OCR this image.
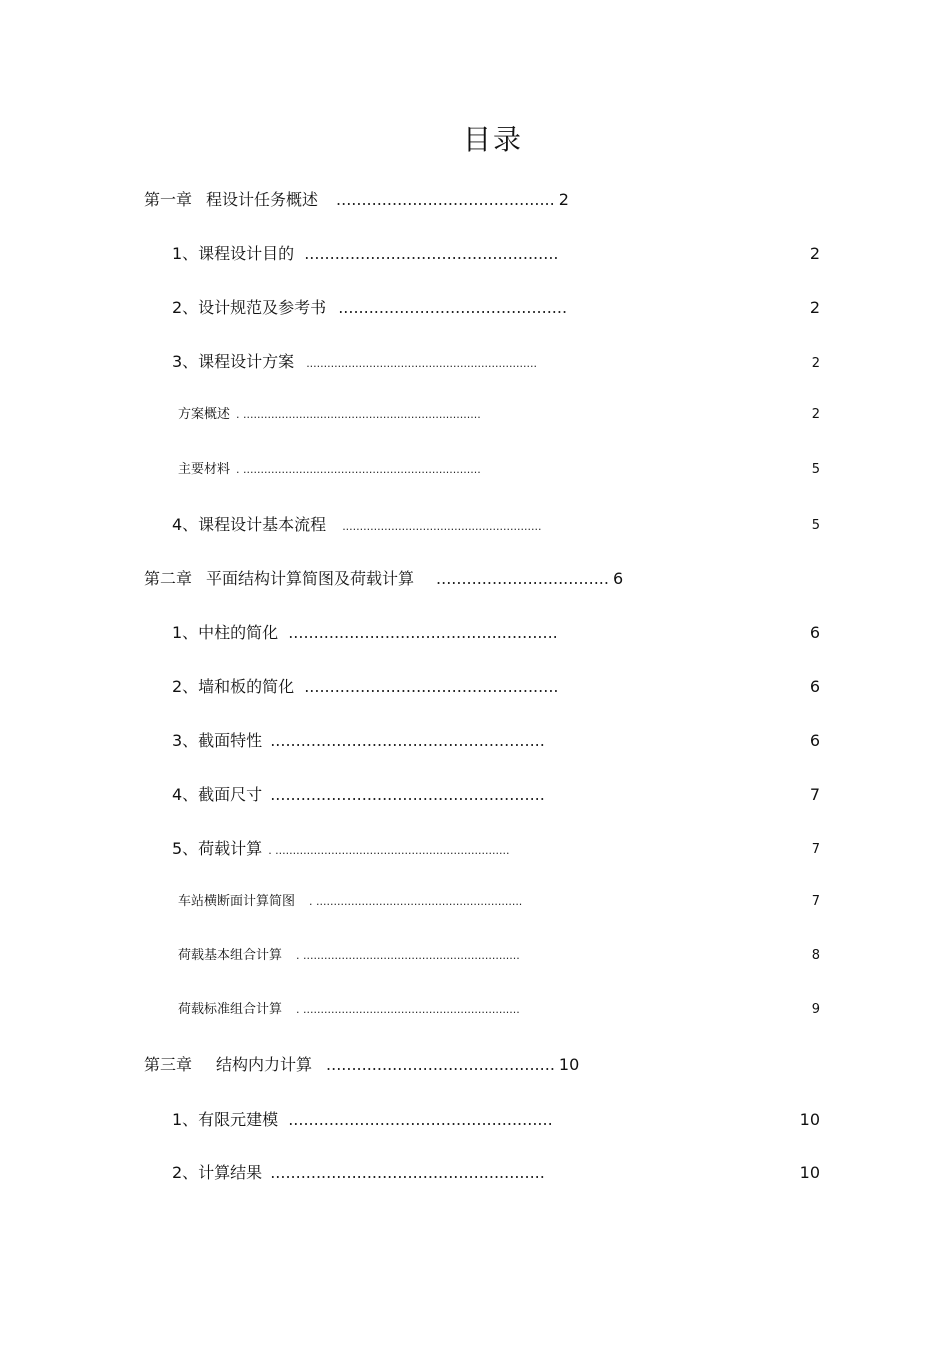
目录
第一章 程设计任务概述 ........................................... 2
1、课程设计目的 ..................................................	2
2、设计规范及参考书 .............................................	2
3、课程设计方案 ..................................................................	2
方案概述 . ....................................................................	2
主要材料 . ....................................................................	5
4、课程设计基本流程 .........................................................	5
第二章 平面结构计算简图及荷载计算 .................................. 6
1、中柱的简化 .....................................................	6
2、墙和板的简化 ..................................................	6
3、截面特性 ......................................................	6
4、截面尺寸 ......................................................	7
5、荷载计算 . ...................................................................	7
车站横断面计算简图 . ...........................................................	7
荷载基本组合计算 . ..............................................................	8
荷载标准组合计算 . ..............................................................	9
第三章 结构内力计算 ............................................. 10
1、有限元建模 ....................................................	10
2、计算结果 ......................................................	10
